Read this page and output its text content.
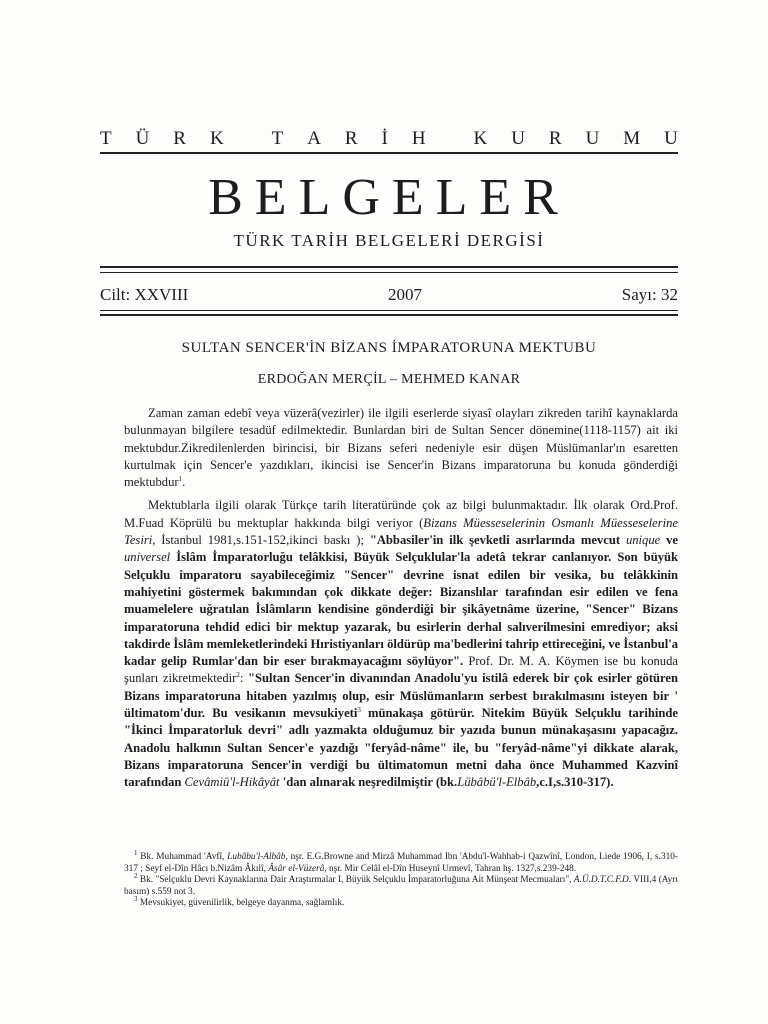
T Ü R K	T A R İ H	K U R U M U
BELGELER
TÜRK TARİH BELGELERİ DERGİSİ
Cilt: XXVIII	2007	Sayı: 32
SULTAN SENCER'İN BİZANS İMPARATORUNA MEKTUBU
ERDOĞAN MERÇİL – MEHMED KANAR

Zaman zaman edebî veya vüzerâ(vezirler) ile ilgili eserlerde siyasî olayları zikreden tarihî kaynaklarda bulunmayan bilgilere tesadüf edilmektedir. Bunlardan biri de Sultan Sencer dönemine(1118-1157) ait iki mektubdur.Zikredilenlerden birincisi, bir Bizans seferi nedeniyle esir düşen Müslümanlar'ın esaretten kurtulmak için Sencer'e yazdıkları, ikincisi ise Sencer'in Bizans imparatoruna bu konuda gönderdiği mektubdur$^1$.

Mektublarla ilgili olarak Türkçe tarih literatüründe çok az bilgi bulunmaktadır. İlk olarak Ord.Prof. M.Fuad Köprülü bu mektuplar hakkında bilgi veriyor (Bizans Müesseselerinin Osmanlı Müesseselerine Tesiri, İstanbul 1981,s.151-152,ikinci baskı ); "Abbasiler'in ilk şevketli asırlarında mevcut unique ve universel İslâm İmparatorluğu telâkkisi, Büyük Selçuklular'la adetâ tekrar canlanıyor. Son büyük Selçuklu imparatoru sayabileceğimiz "Sencer" devrine isnat edilen bir vesika, bu telâkkinin mahiyetini göstermek bakımından çok dikkate değer: Bizanslılar tarafından esir edilen ve fena muamelelere uğratılan İslâmların kendisine gönderdiği bir şikâyetnâme üzerine, "Sencer" Bizans imparatoruna tehdid edici bir mektup yazarak, bu esirlerin derhal salıverilmesini emrediyor; aksi takdirde İslâm memleketlerindeki Hıristiyanları öldürüp ma'bedlerini tahrip ettireceğini, ve İstanbul'a kadar gelip Rumlar'dan bir eser bırakmayacağını söylüyor". Prof. Dr. M. A. Köymen ise bu konuda şunları zikretmektedir$^2$: "Sultan Sencer'in divanından Anadolu'yu istilâ ederek bir çok esirler götüren Bizans imparatoruna hitaben yazılmış olup, esir Müslümanların serbest bırakılmasını isteyen bir ' ültimatom'dur. Bu vesikanın mevsukiyeti$^3$ münakaşa götürür. Nitekim Büyük Selçuklu tarihinde "İkinci İmparatorluk devri" adlı yazmakta olduğumuz bir yazıda bunun münakaşasını yapacağız. Anadolu halkının Sultan Sencer'e yazdığı "feryâd-nâme" ile, bu "feryâd-nâme"yi dikkate alarak, Bizans imparatoruna Sencer'in verdiği bu ültimatomun metni daha önce Muhammed Kazvinî tarafından Cevâmiü'l-Hikâyât 'dan alınarak neşredilmiştir (bk.Lübâbü'l-Elbâb,c.I,s.310-317).

$^1$ Bk. Muhammad 'Avfî, Lubâbu'l-Albâb, nşr. E.G.Browne and Mirzâ Muhammad Ibn 'Abdu'l-Wahhab-i Qazwînî, London, Liede 1906, I, s.310-317 ; Seyf el-Dîn Hâcı b.Nizâm Âkılî, Âsâr el-Vüzerâ, nşr. Mir Celâl el-Dîn Huseynî Urmevî, Tahran hş. 1327,s.239-248.

$^2$ Bk. "Selçuklu Devri Kaynaklarına Dair Araştırmalar I, Büyük Selçuklu İmparatorluğuna Ait Münşeat Mecmuaları", A.Ü.D.T.C.F.D. VIII,4 (Ayrı basım) s.559 not 3.

$^3$ Mevsukiyet, güvenilirlik, belgeye dayanma, sağlamlık.
